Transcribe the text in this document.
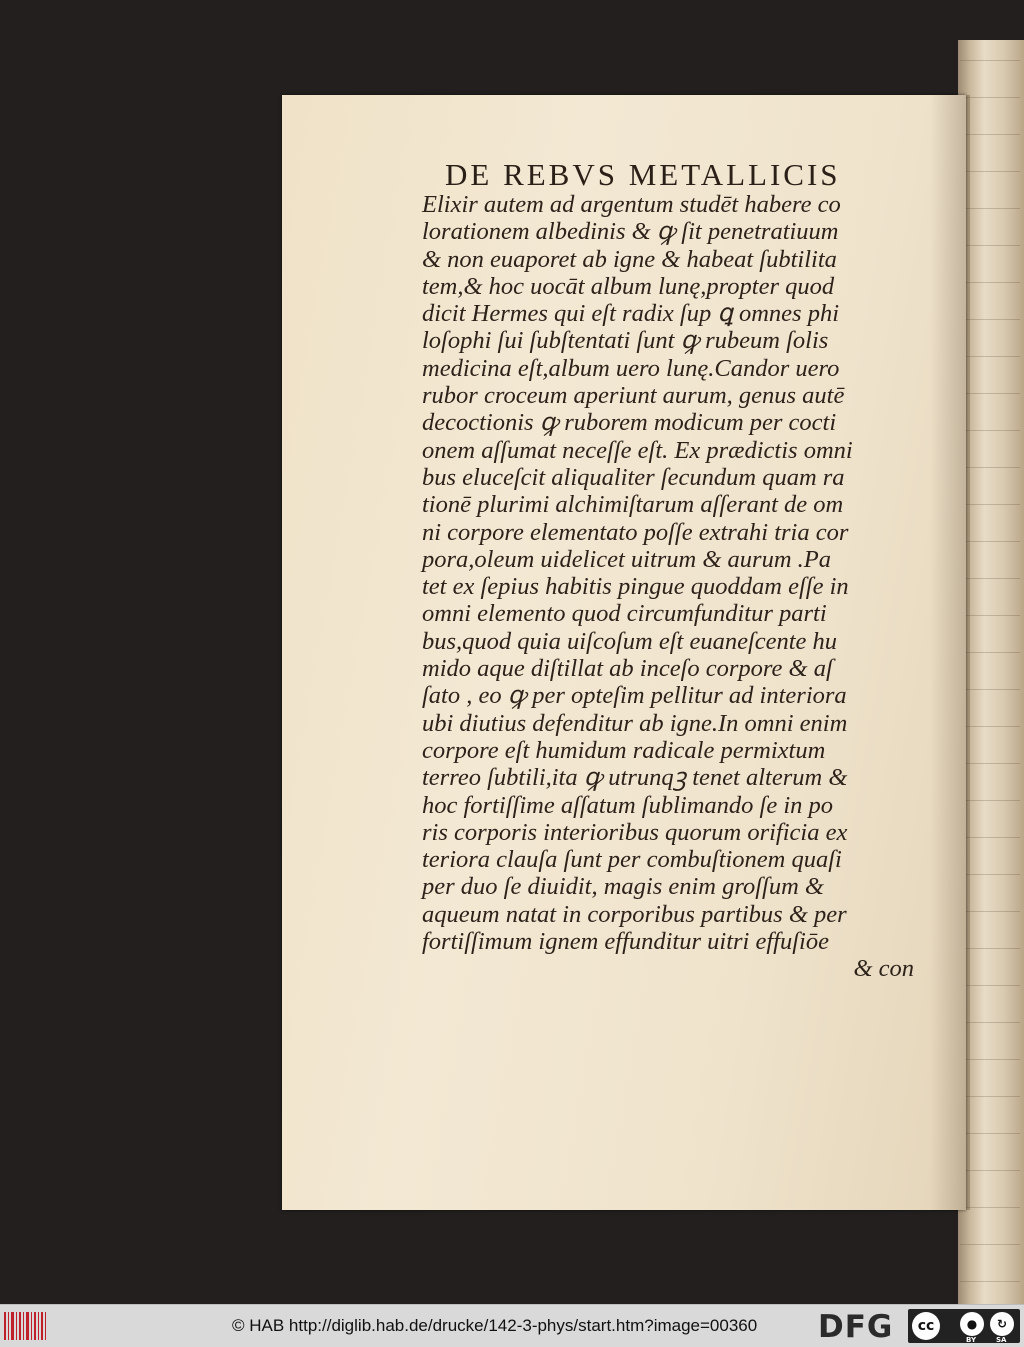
DE REBVS METALLICIS
Elixir autem ad argentum studēt habere co
lorationem albedinis & ꝙ ſit penetratiuum
& non euaporet ab igne & habeat ſubtilita
tem,& hoc uocāt album lunę,propter quod
dicit Hermes qui eſt radix ſup ꝗ omnes phi
loſophi ſui ſubſtentati ſunt ꝙ rubeum ſolis
medicina eſt,album uero lunę.Candor uero
rubor croceum aperiunt aurum, genus autē
decoctionis ꝙ ruborem modicum per cocti
onem aſſumat neceſſe eſt. Ex prædictis omni
bus eluceſcit aliqualiter ſecundum quam ra
tionē plurimi alchimiſtarum aſſerant de om
ni corpore elementato poſſe extrahi tria cor
pora,oleum uidelicet uitrum & aurum .Pa
tet ex ſepius habitis pingue quoddam eſſe in
omni elemento quod circumfunditur parti
bus,quod quia uiſcoſum eſt euaneſcente hu
mido aque diſtillat ab inceſo corpore & aſ
ſato , eo ꝙ per opteſim pellitur ad interiora
ubi diutius defenditur ab igne.In omni enim
corpore eſt humidum radicale permixtum
terreo ſubtili,ita ꝙ utrunqꝫ tenet alterum &
hoc fortiſſime aſſatum ſublimando ſe in po
ris corporis interioribus quorum orificia ex
teriora clauſa ſunt per combuſtionem quaſi
per duo ſe diuidit, magis enim groſſum &
aqueum natat in corporibus partibus & per
fortiſſimum ignem effunditur uitri effuſiōe
& con
© HAB http://diglib.hab.de/drucke/142-3-phys/start.htm?image=00360 DFG	cc	●	↻
BY	SA
